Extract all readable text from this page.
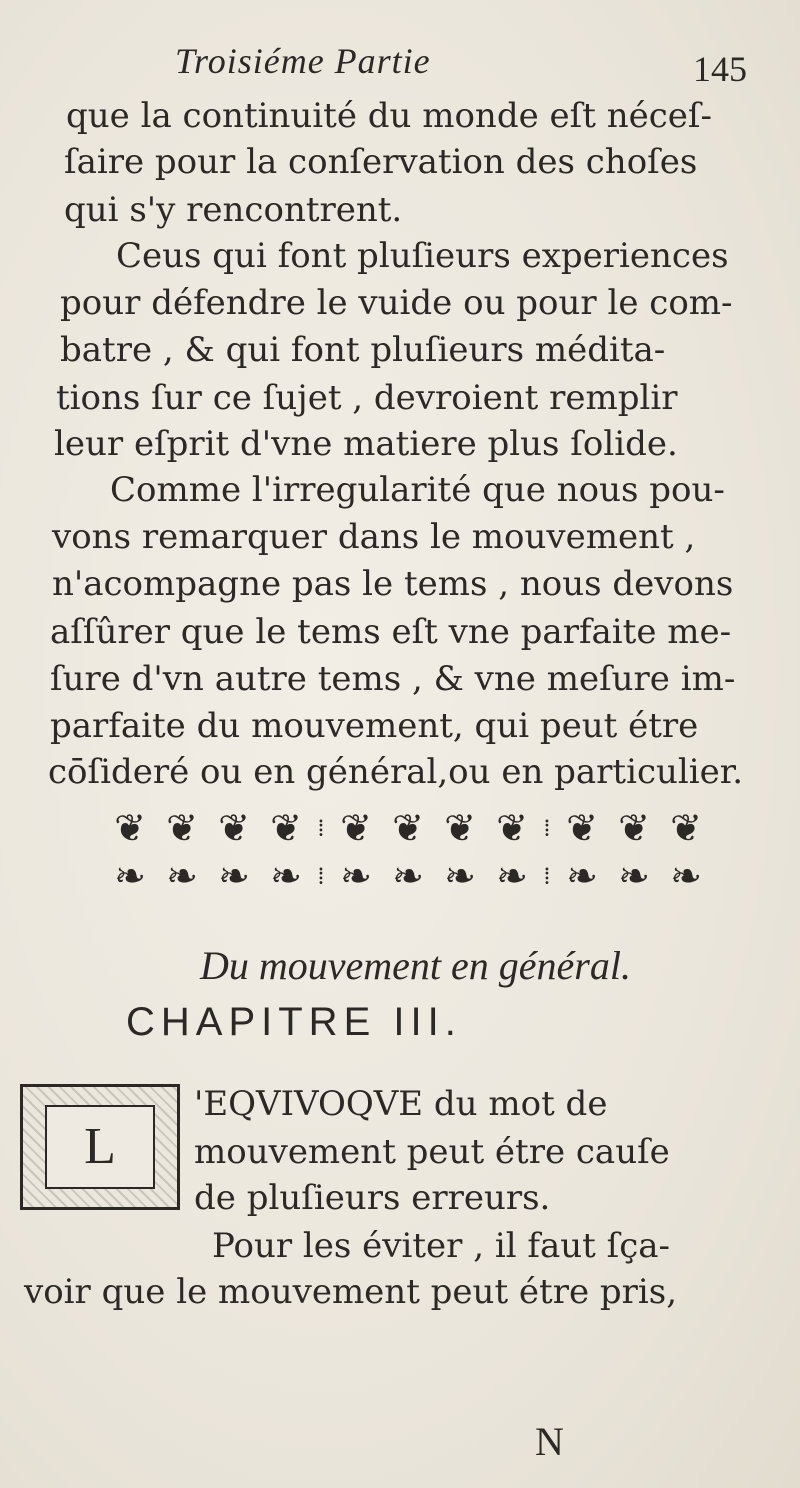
Troisiéme Partie	145
que la continuité du monde eſt néceſ-
ſaire pour la conſervation des choſes
qui s'y rencontrent.
Ceus qui font pluſieurs experiences
pour défendre le vuide ou pour le com-
batre , & qui font pluſieurs médita-
tions ſur ce ſujet , devroient remplir
leur eſprit d'vne matiere plus ſolide.
Comme l'irregularité que nous pou-
vons remarquer dans le mouvement ,
n'acompagne pas le tems , nous devons
aſſûrer que le tems eſt vne parfaite me-
ſure d'vn autre tems , & vne meſure im-
parfaite du mouvement, qui peut étre
cōſideré ou en général,ou en particulier.
❦ ❦ ❦ ❦ ⁞ ❦ ❦ ❦ ❦ ⁞ ❦ ❦ ❦
❧ ❧ ❧ ❧ ⁞ ❧ ❧ ❧ ❧ ⁞ ❧ ❧ ❧
Du mouvement en général.
CHAPITRE III.
L
'EQVIVOQVE du mot de
mouvement peut étre cauſe
de pluſieurs erreurs.
Pour les éviter , il faut ſça-
voir que le mouvement peut étre pris,
N
